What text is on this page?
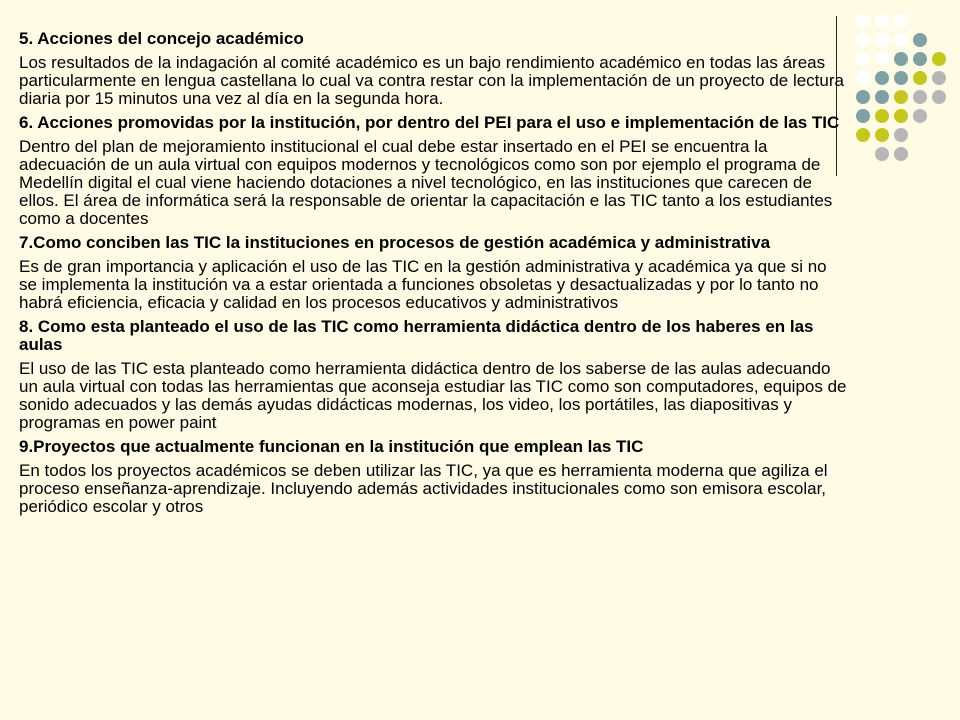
5. Acciones del concejo académico

Los resultados de la indagación al comité académico es un bajo rendimiento académico en todas las áreas particularmente en lengua castellana lo cual va contra restar con la implementación de un proyecto de lectura diaria por 15 minutos una vez al día en la segunda hora.

6. Acciones promovidas por la institución, por dentro del PEI para el uso e implementación de las TIC

Dentro del plan de mejoramiento institucional el cual debe estar insertado en el PEI se encuentra la adecuación de un aula virtual con equipos modernos y tecnológicos como son por ejemplo el programa de Medellín digital el cual viene haciendo dotaciones a nivel tecnológico, en las instituciones que carecen de ellos. El área de informática será la responsable de orientar la capacitación e las TIC tanto a los estudiantes como a docentes

7.Como conciben las TIC la instituciones en procesos de gestión académica y administrativa

Es de gran importancia y aplicación el uso de las TIC en la gestión administrativa y académica ya que si no se implementa la institución va a estar orientada a funciones obsoletas y desactualizadas y por lo tanto no habrá eficiencia, eficacia y calidad en los procesos educativos y administrativos

8. Como esta planteado el uso de las TIC como herramienta didáctica dentro de los haberes en las aulas

El uso de las TIC esta planteado como herramienta didáctica dentro de los saberse de las aulas adecuando un aula virtual con todas las herramientas que aconseja estudiar las TIC como son computadores, equipos de sonido adecuados y las demás ayudas didácticas modernas, los video, los portátiles, las diapositivas y programas en power paint

9.Proyectos que actualmente funcionan en la institución que emplean las TIC

En todos los proyectos académicos se deben utilizar las TIC, ya que es herramienta moderna que agiliza el proceso enseñanza-aprendizaje. Incluyendo además actividades institucionales como son emisora escolar, periódico escolar y otros
